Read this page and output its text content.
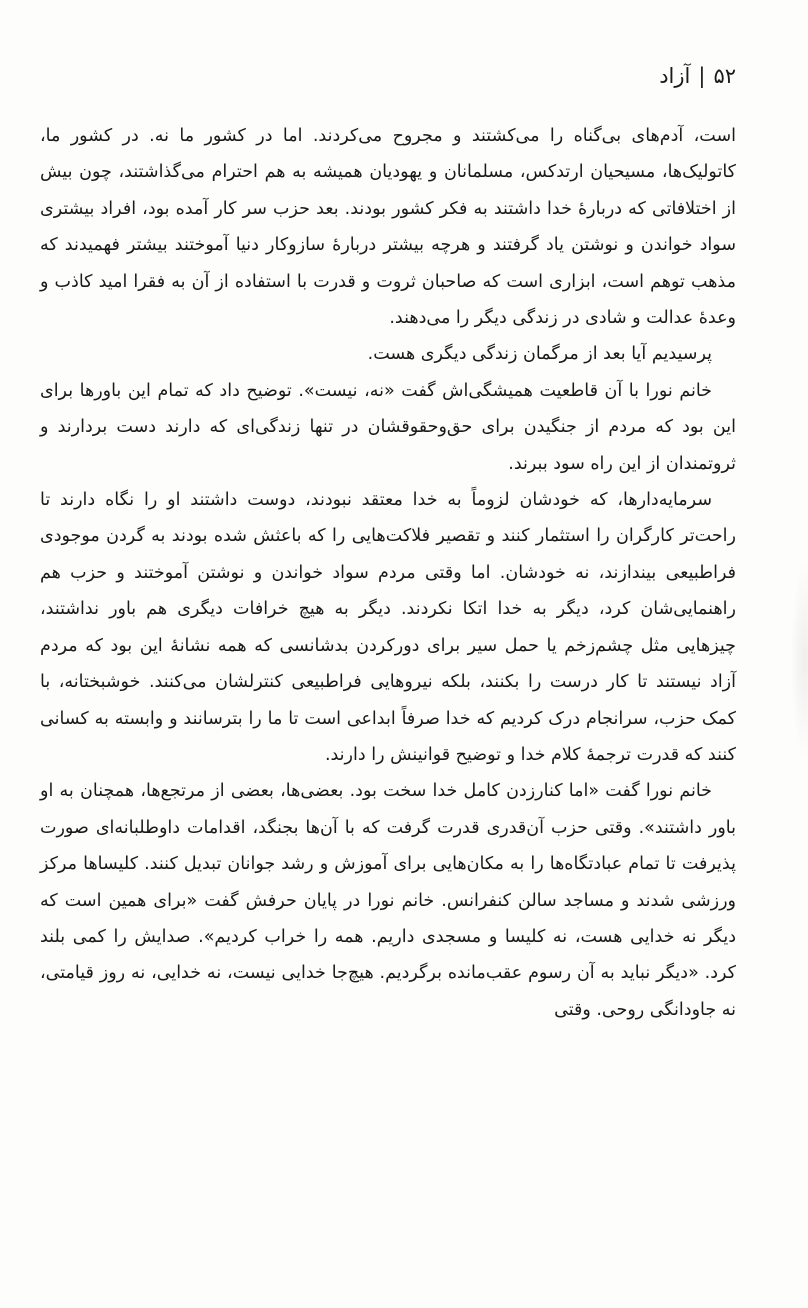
۵۲|آزاد

است، آدم‌های بی‌گناه را می‌کشتند و مجروح می‌کردند. اما در کشور ما نه. در کشور ما، کاتولیک‌ها، مسیحیان ارتدکس، مسلمانان و یهودیان همیشه به هم احترام می‌گذاشتند، چون بیش از اختلافاتی که دربارهٔ خدا داشتند به فکر کشور بودند. بعد حزب سر کار آمده بود، افراد بیشتری سواد خواندن و نوشتن یاد گرفتند و هرچه بیشتر دربارهٔ سازوکار دنیا آموختند بیشتر فهمیدند که مذهب توهم است، ابزاری است که صاحبان ثروت و قدرت با استفاده از آن به فقرا امید کاذب و وعدهٔ عدالت و شادی در زندگی دیگر را می‌دهند.

پرسیدیم آیا بعد از مرگمان زندگی دیگری هست.

خانم نورا با آن قاطعیت همیشگی‌اش گفت «نه، نیست». توضیح داد که تمام این باورها برای این بود که مردم از جنگیدن برای حق‌وحقوقشان در تنها زندگی‌ای که دارند دست بردارند و ثروتمندان از این راه سود ببرند.

سرمایه‌دارها، که خودشان لزوماً به خدا معتقد نبودند، دوست داشتند او را نگاه دارند تا راحت‌تر کارگران را استثمار کنند و تقصیر فلاکت‌هایی را که باعثش شده بودند به گردن موجودی فراطبیعی بیندازند، نه خودشان. اما وقتی مردم سواد خواندن و نوشتن آموختند و حزب هم راهنمایی‌شان کرد، دیگر به خدا اتکا نکردند. دیگر به هیچ خرافات دیگری هم باور نداشتند، چیزهایی مثل چشم‌زخم یا حمل سیر برای دورکردن بدشانسی که همه نشانهٔ این بود که مردم آزاد نیستند تا کار درست را بکنند، بلکه نیروهایی فراطبیعی کنترلشان می‌کنند. خوشبختانه، با کمک حزب، سرانجام درک کردیم که خدا صرفاً ابداعی است تا ما را بترسانند و وابسته به کسانی کنند که قدرت ترجمهٔ کلام خدا و توضیح قوانینش را دارند.

خانم نورا گفت «اما کنارزدن کامل خدا سخت بود. بعضی‌ها، بعضی از مرتجع‌ها، همچنان به او باور داشتند». وقتی حزب آن‌قدری قدرت گرفت که با آن‌ها بجنگد، اقدامات داوطلبانه‌ای صورت پذیرفت تا تمام عبادتگاه‌ها را به مکان‌هایی برای آموزش و رشد جوانان تبدیل کنند. کلیساها مرکز ورزشی شدند و مساجد سالن کنفرانس. خانم نورا در پایان حرفش گفت «برای همین است که دیگر نه خدایی هست، نه کلیسا و مسجدی داریم. همه را خراب کردیم». صدایش را کمی بلند کرد. «دیگر نباید به آن رسوم عقب‌مانده برگردیم. هیچ‌جا خدایی نیست، نه خدایی، نه روز قیامتی، نه جاودانگی روحی. وقتی
